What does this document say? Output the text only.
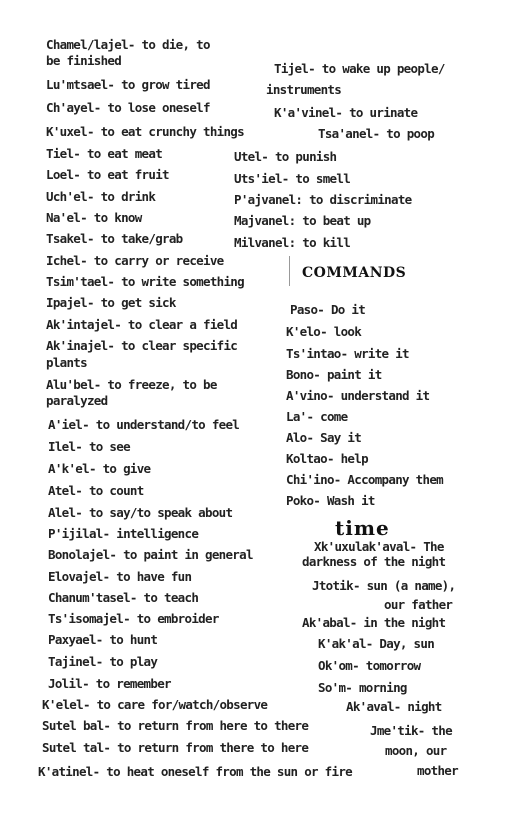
Chamel/lajel- to die, to
be finished
Lu'mtsael- to grow tired
Ch'ayel- to lose oneself
K'uxel- to eat crunchy things
Tiel- to eat meat
Loel- to eat fruit
Uch'el- to drink
Na'el- to know
Tsakel- to take/grab
Ichel- to carry or receive
Tsim'tael- to write something
Ipajel- to get sick
Ak'intajel- to clear a field
Ak'inajel- to clear specific
plants
Alu'bel- to freeze, to be
paralyzed
A'iel- to understand/to feel
Ilel- to see
A'k'el- to give
Atel- to count
Alel- to say/to speak about
P'ijilal- intelligence
Bonolajel- to paint in general
Elovajel- to have fun
Chanum'tasel- to teach
Ts'isomajel- to embroider
Paxyael- to hunt
Tajinel- to play
Jolil- to remember
K'elel- to care for/watch/observe
Sutel bal- to return from here to there
Sutel tal- to return from there to here
K'atinel- to heat oneself from the sun or fire
Tijel- to wake up people/
instruments
K'a'vinel- to urinate
Tsa'anel- to poop
Utel- to punish
Uts'iel- to smell
P'ajvanel: to discriminate
Majvanel: to beat up
Milvanel: to kill
commands
Paso- Do it
K'elo- look
Ts'intao- write it
Bono- paint it
A'vino- understand it
La'- come
Alo- Say it
Koltao- help
Chi'ino- Accompany them
Poko- Wash it
time
Xk'uxulak'aval- The
darkness of the night
Jtotik- sun (a name),
our father
Ak'abal- in the night
K'ak'al- Day, sun
Ok'om- tomorrow
So'm- morning
Ak'aval- night
Jme'tik- the
moon, our
mother
